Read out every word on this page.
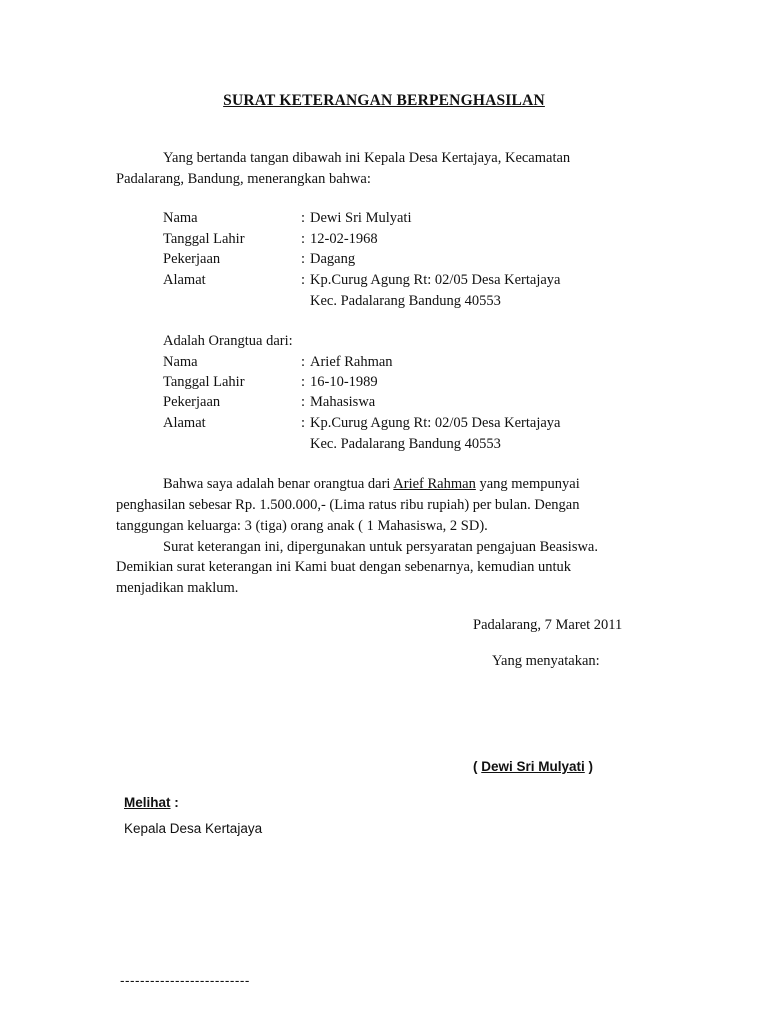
SURAT KETERANGAN BERPENGHASILAN
Yang bertanda tangan dibawah ini Kepala Desa Kertajaya, Kecamatan
Padalarang, Bandung, menerangkan bahwa:
Nama	: Dewi Sri Mulyati
Tanggal Lahir	: 12-02-1968
Pekerjaan	: Dagang
Alamat	: Kp.Curug Agung Rt: 02/05 Desa Kertajaya
Kec. Padalarang Bandung 40553
Adalah Orangtua dari:
Nama	: Arief Rahman
Tanggal Lahir	: 16-10-1989
Pekerjaan	: Mahasiswa
Alamat	: Kp.Curug Agung Rt: 02/05 Desa Kertajaya
Kec. Padalarang Bandung 40553
Bahwa saya adalah benar orangtua dari Arief Rahman yang mempunyai
penghasilan sebesar Rp. 1.500.000,- (Lima ratus ribu rupiah) per bulan. Dengan
tanggungan keluarga: 3 (tiga) orang anak ( 1 Mahasiswa, 2 SD).
Surat keterangan ini, dipergunakan untuk persyaratan pengajuan Beasiswa.
Demikian surat keterangan ini Kami buat dengan sebenarnya, kemudian untuk
menjadikan maklum.
Padalarang, 7 Maret 2011
Yang menyatakan:
( Dewi Sri Mulyati )
Melihat :
Kepala Desa Kertajaya
--------------------------
